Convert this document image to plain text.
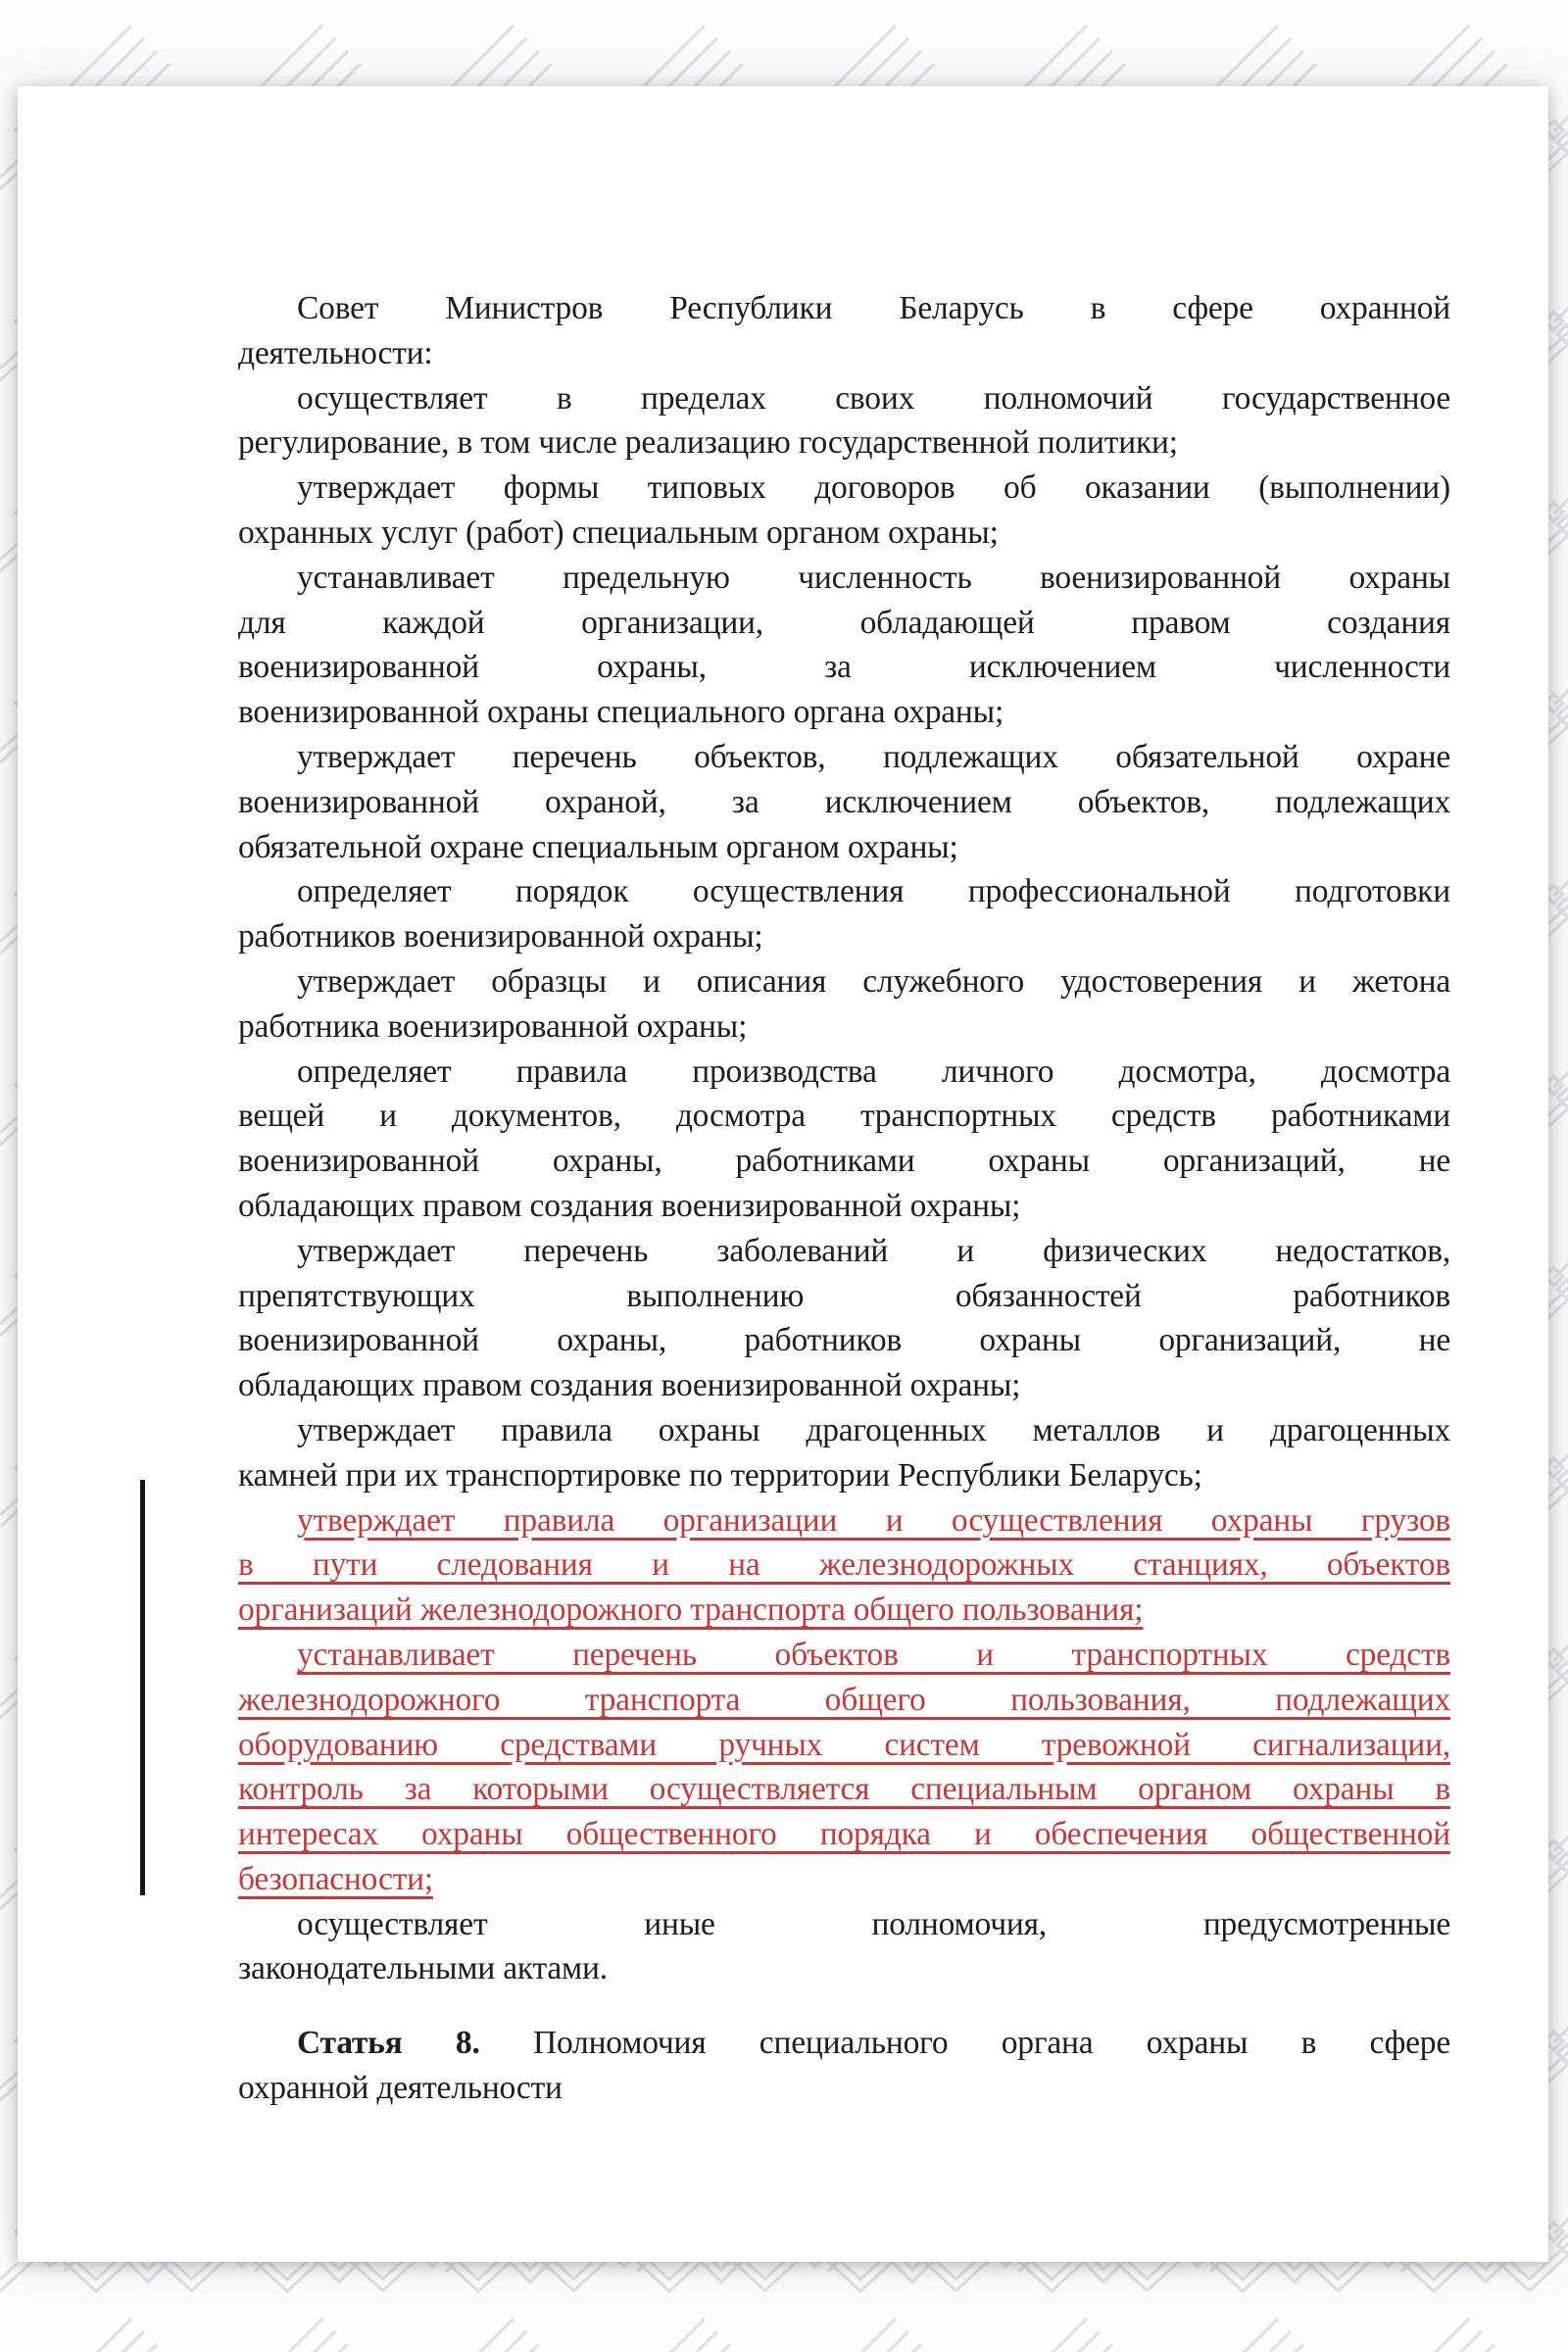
Совет Министров Республики Беларусь в сфере охранной
деятельности:
осуществляет в пределах своих полномочий государственное
регулирование, в том числе реализацию государственной политики;
утверждает формы типовых договоров об оказании (выполнении)
охранных услуг (работ) специальным органом охраны;
устанавливает предельную численность военизированной охраны
для каждой организации, обладающей правом создания
военизированной охраны, за исключением численности
военизированной охраны специального органа охраны;
утверждает перечень объектов, подлежащих обязательной охране
военизированной охраной, за исключением объектов, подлежащих
обязательной охране специальным органом охраны;
определяет порядок осуществления профессиональной подготовки
работников военизированной охраны;
утверждает образцы и описания служебного удостоверения и жетона
работника военизированной охраны;
определяет правила производства личного досмотра, досмотра
вещей и документов, досмотра транспортных средств работниками
военизированной охраны, работниками охраны организаций, не
обладающих правом создания военизированной охраны;
утверждает перечень заболеваний и физических недостатков,
препятствующих выполнению обязанностей работников
военизированной охраны, работников охраны организаций, не
обладающих правом создания военизированной охраны;
утверждает правила охраны драгоценных металлов и драгоценных
камней при их транспортировке по территории Республики Беларусь;
утверждает правила организации и осуществления охраны грузов
в пути следования и на железнодорожных станциях, объектов
организаций железнодорожного транспорта общего пользования;
устанавливает перечень объектов и транспортных средств
железнодорожного транспорта общего пользования, подлежащих
оборудованию средствами ручных систем тревожной сигнализации,
контроль за которыми осуществляется специальным органом охраны в
интересах охраны общественного порядка и обеспечения общественной
безопасности;
осуществляет иные полномочия, предусмотренные
законодательными актами.
Статья 8. Полномочия специального органа охраны в сфере
охранной деятельности
